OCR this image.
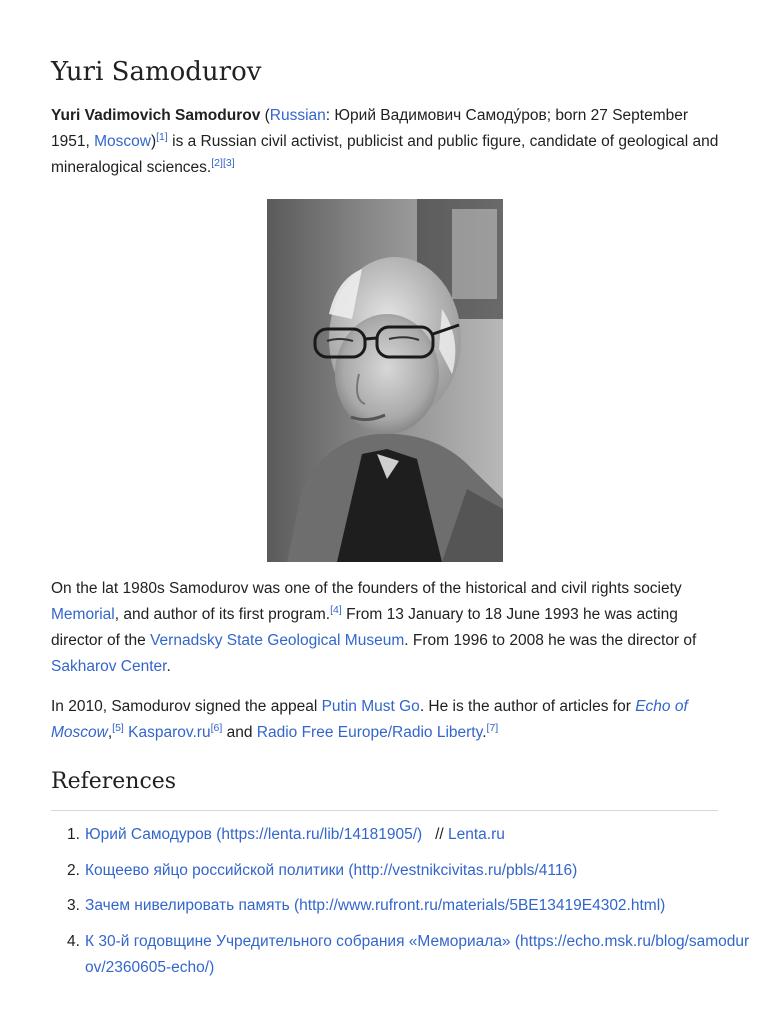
Yuri Samodurov

Yuri Vadimovich Samodurov (Russian: Юрий Вадимович Самоду́ров; born 27 September 1951, Moscow)[1] is a Russian civil activist, publicist and public figure, candidate of geological and mineralogical sciences.[2][3]

On the lat 1980s Samodurov was one of the founders of the historical and civil rights society Memorial, and author of its first program.[4] From 13 January to 18 June 1993 he was acting director of the Vernadsky State Geological Museum. From 1996 to 2008 he was the director of Sakharov Center.

In 2010, Samodurov signed the appeal Putin Must Go. He is the author of articles for Echo of Moscow,[5] Kasparov.ru[6] and Radio Free Europe/Radio Liberty.[7]

References
1. Юрий Самодуров (https://lenta.ru/lib/14181905/)   // Lenta.ru
2. Кощеево яйцо российской политики (http://vestnikcivitas.ru/pbls/4116)
3. Зачем нивелировать память (http://www.rufront.ru/materials/5BE13419E4302.html)
4. К 30-й годовщине Учредительного собрания «Мемориала» (https://echo.msk.ru/blog/samodurov/2360605-echo/)
